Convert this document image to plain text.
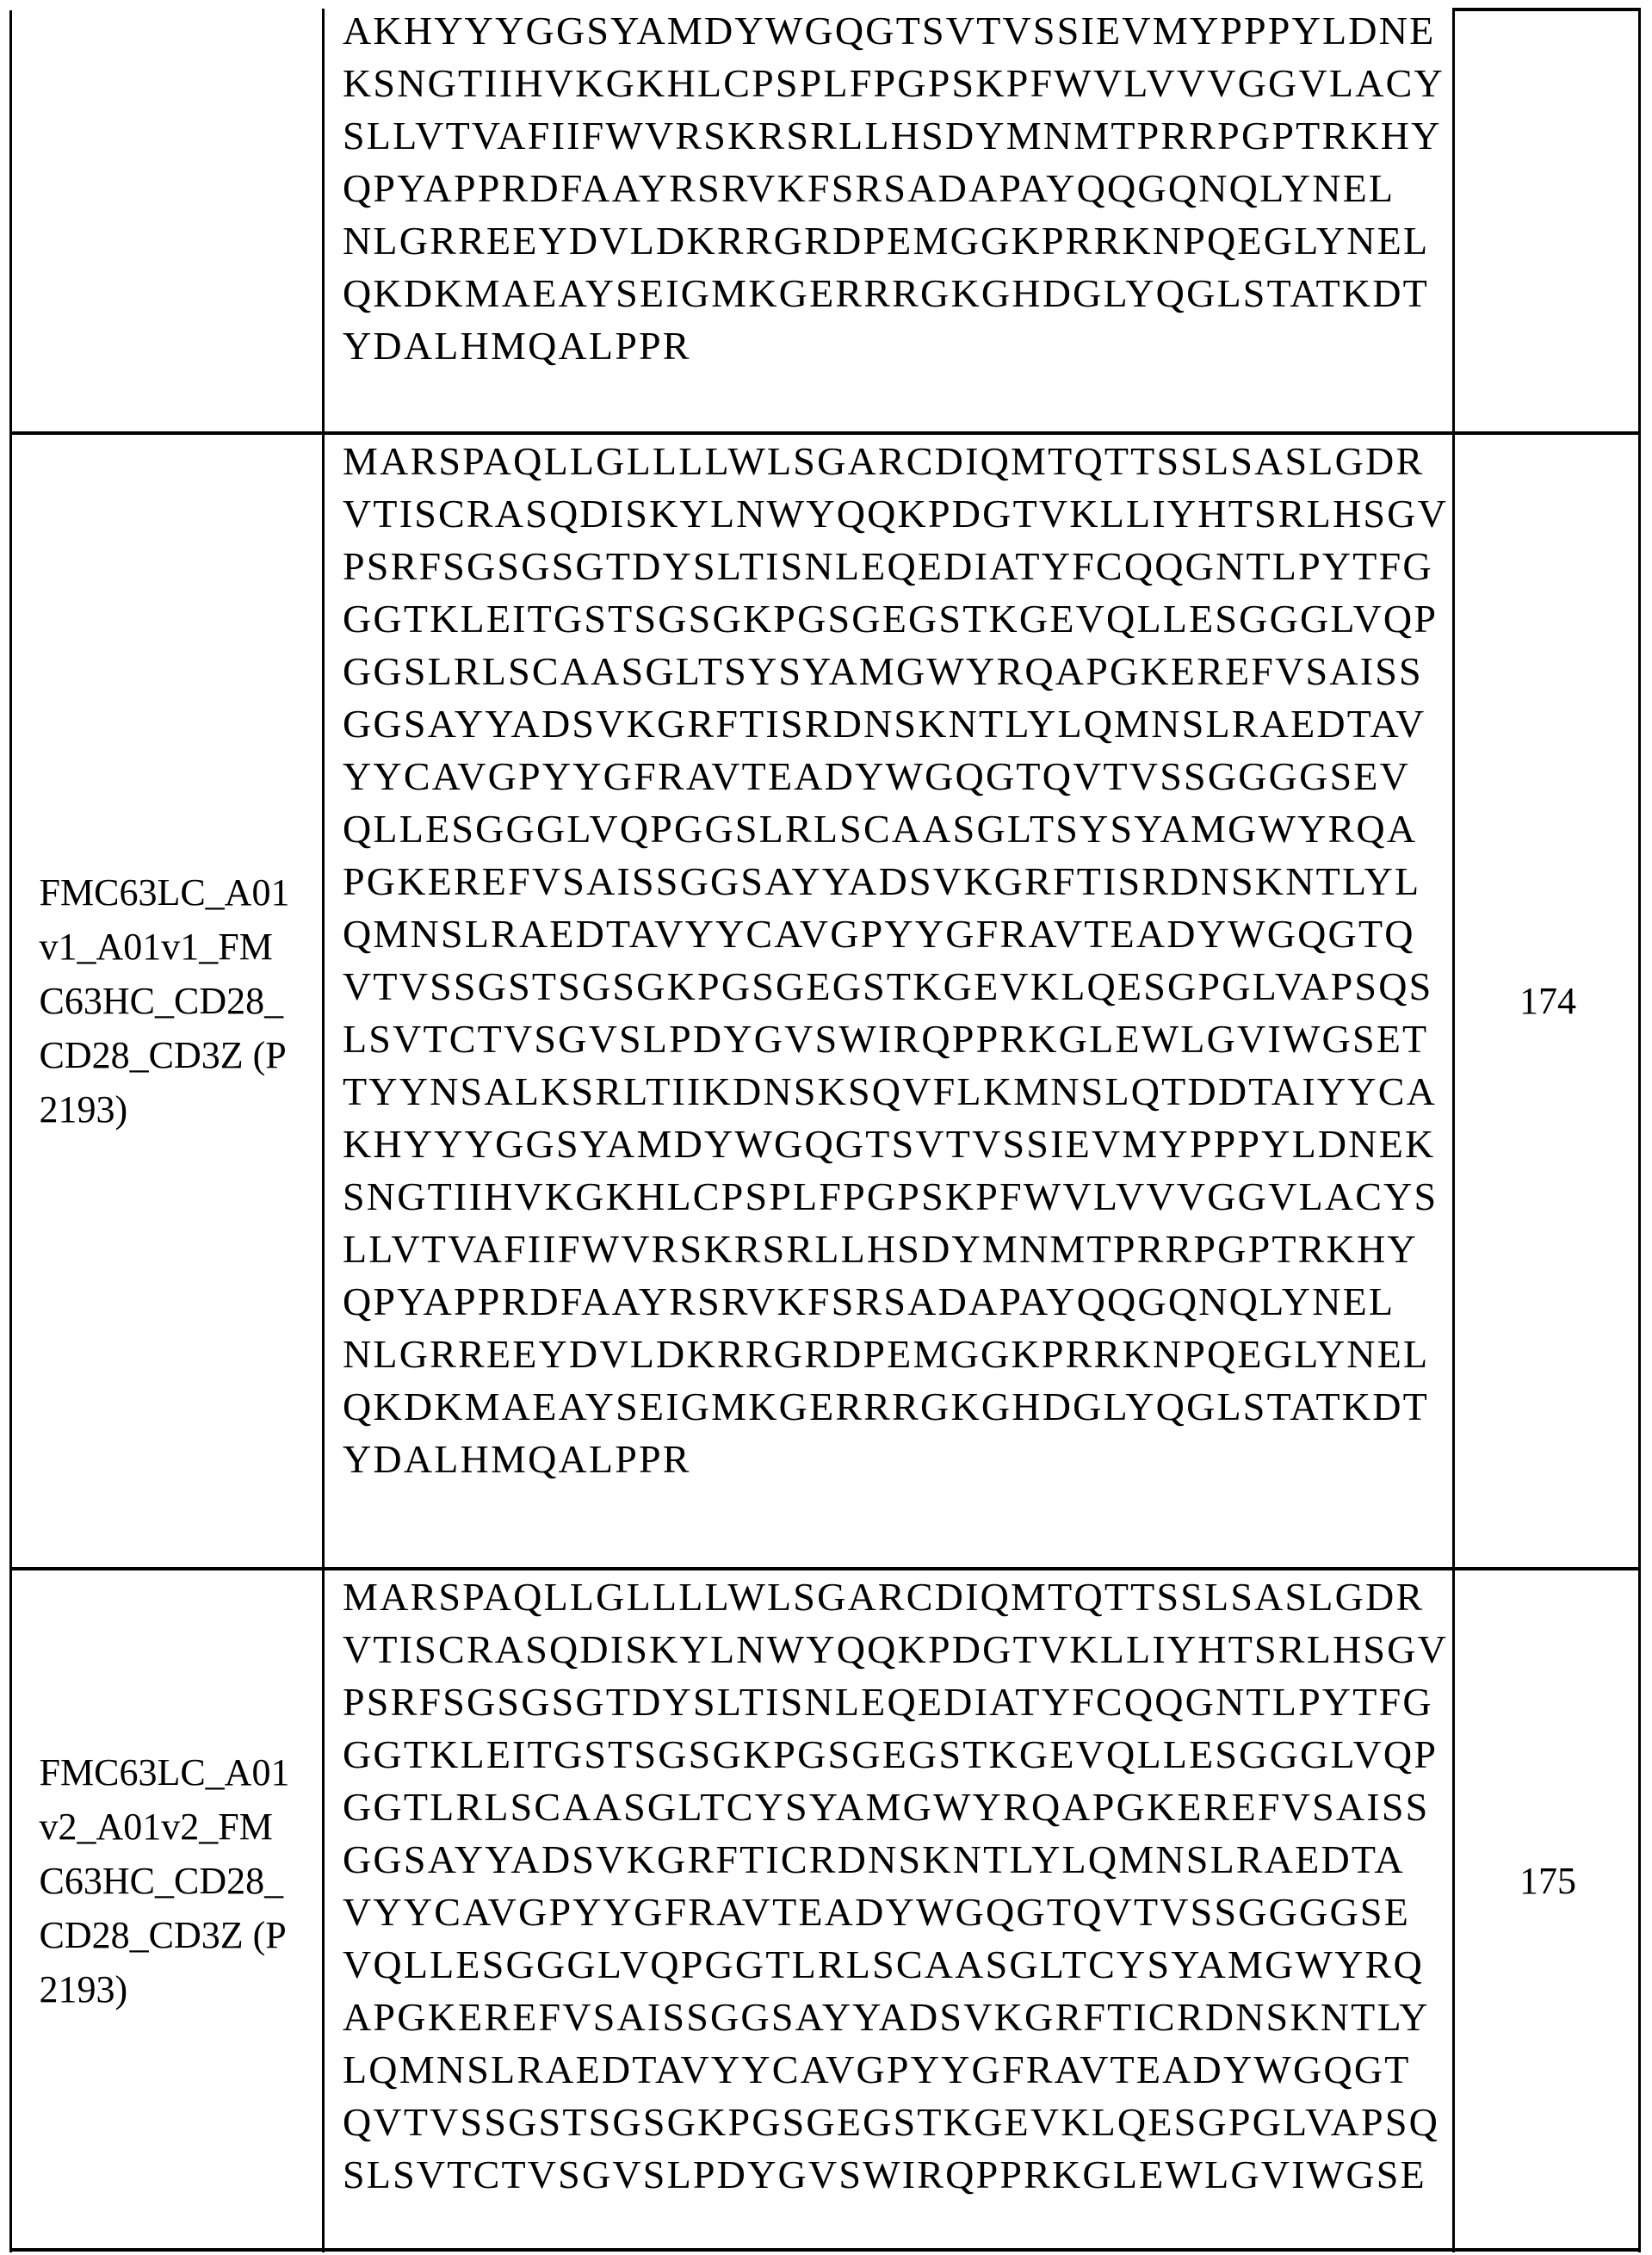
AKHYYYGGSYAMDYWGQGTSVTVSSIEVMYPPPYLDNE
KSNGTIIHVKGKHLCPSPLFPGPSKPFWVLVVVGGVLACY
SLLVTVAFIIFWVRSKRSRLLHSDYMNMTPRRPGPTRKHY
QPYAPPRDFAAYRSRVKFSRSADAPAYQQGQNQLYNEL
NLGRREEYDVLDKRRGRDPEMGGKPRRKNPQEGLYNEL
QKDKMAEAYSEIGMKGERRRGKGHDGLYQGLSTATKDT
YDALHMQALPPR
FMC63LC_A01v1_A01v1_FMC63HC_CD28_CD28_CD3Z (P2193)
MARSPAQLLGLLLLWLSGARCDIQMTQTTSSLSASLGDR
VTISCRASQDISKYLNWYQQKPDGTVKLLIYHTSRLHSGV
PSRFSGSGSGTDYSLTISNLEQEDIATYFCQQGNTLPYTFG
GGTKLEITGSTSGSGKPGSGEGSTKGEVQLLESGGGLVQP
GGSLRLSCAASGLTSYSYAMGWYRQAPGKEREFVSAISS
GGSAYYADSVKGRFTISRDNSKNTLYLQMNSLRAEDTAV
YYCAVGPYYGFRAVTEADYWGQGTQVTVSSGGGGSEV
QLLESGGGLVQPGGSLRLSCAASGLTSYSYAMGWYRQA
PGKEREFVSAISSGGSAYYADSVKGRFTISRDNSKNTLYL
QMNSLRAEDTAVYYCAVGPYYGFRAVTEADYWGQGTQ
VTVSSGSTSGSGKPGSGEGSTKGEVKLQESGPGLVAPSQS
LSVTCTVSGVSLPDYGVSWIRQPPRKGLEWLGVIWGSET
TYYNSALKSRLTIIKDNSKSQVFLKMNSLQTDDTAIYYCA
KHYYYGGSYAMDYWGQGTSVTVSSIEVMYPPPYLDNEK
SNGTIIHVKGKHLCPSPLFPGPSKPFWVLVVVGGVLACYS
LLVTVAFIIFWVRSKRSRLLHSDYMNMTPRRPGPTRKHY
QPYAPPRDFAAYRSRVKFSRSADAPAYQQGQNQLYNEL
NLGRREEYDVLDKRRGRDPEMGGKPRRKNPQEGLYNEL
QKDKMAEAYSEIGMKGERRRGKGHDGLYQGLSTATKDT
YDALHMQALPPR
174
FMC63LC_A01v2_A01v2_FMC63HC_CD28_CD28_CD3Z (P2193)
MARSPAQLLGLLLLWLSGARCDIQMTQTTSSLSASLGDR
VTISCRASQDISKYLNWYQQKPDGTVKLLIYHTSRLHSGV
PSRFSGSGSGTDYSLTISNLEQEDIATYFCQQGNTLPYTFG
GGTKLEITGSTSGSGKPGSGEGSTKGEVQLLESGGGLVQP
GGTLRLSCAASGLTCYSYAMGWYRQAPGKEREFVSAISS
GGSAYYADSVKGRFTICRDNSKNTLYLQMNSLRAEDTA
VYYCAVGPYYGFRAVTEADYWGQGTQVTVSSGGGGSE
VQLLESGGGLVQPGGTLRLSCAASGLTCYSYAMGWYRQ
APGKEREFVSAISSGGSAYYADSVKGRFTICRDNSKNTLY
LQMNSLRAEDTAVYYCAVGPYYGFRAVTEADYWGQGT
QVTVSSGSTSGSGKPGSGEGSTKGEVKLQESGPGLVAPSQ
SLSVTCTVSGVSLPDYGVSWIRQPPRKGLEWLGVIWGSE
175
